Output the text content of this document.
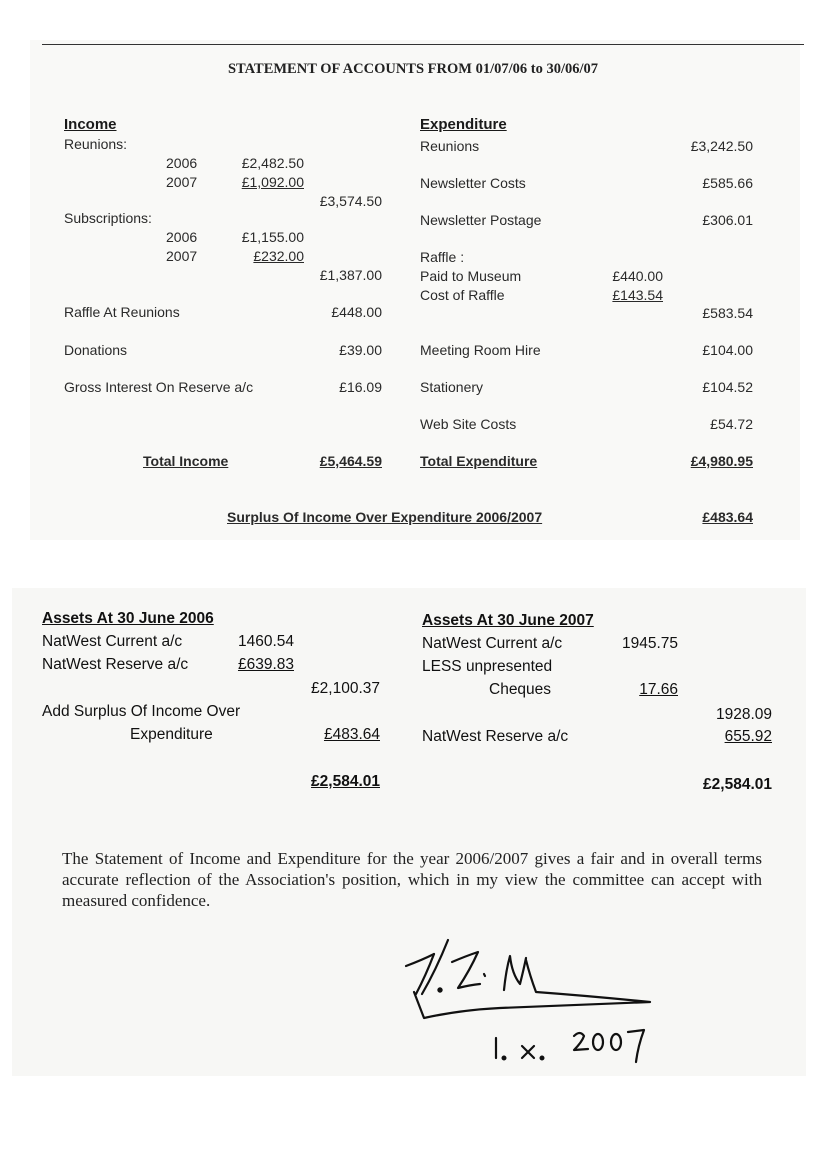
STATEMENT OF ACCOUNTS FROM 01/07/06 to 30/06/07
Income
Reunions:
2006	£2,482.50
2007	£1,092.00
£3,574.50
Subscriptions:
2006	£1,155.00
2007	£232.00
£1,387.00
Raffle At Reunions	£448.00
Donations	£39.00
Gross Interest On Reserve a/c	£16.09
Total Income	£5,464.59
Expenditure
Reunions	£3,242.50
Newsletter Costs	£585.66
Newsletter Postage	£306.01
Raffle :
Paid to Museum	£440.00
Cost of Raffle	£143.54
£583.54
Meeting Room Hire	£104.00
Stationery	£104.52
Web Site Costs	£54.72
Total Expenditure	£4,980.95
Surplus Of Income Over Expenditure 2006/2007	£483.64
Assets At 30 June 2006
NatWest Current a/c	1460.54
NatWest Reserve a/c	£639.83
£2,100.37
Add Surplus Of Income Over
Expenditure	£483.64
£2,584.01
Assets At 30 June 2007
NatWest Current a/c	1945.75
LESS unpresented
Cheques	17.66
1928.09
NatWest Reserve a/c	655.92
£2,584.01
The Statement of Income and Expenditure for the year 2006/2007 gives a fair and in overall terms accurate reflection of the Association's position, which in my view the committee can accept with measured confidence.
